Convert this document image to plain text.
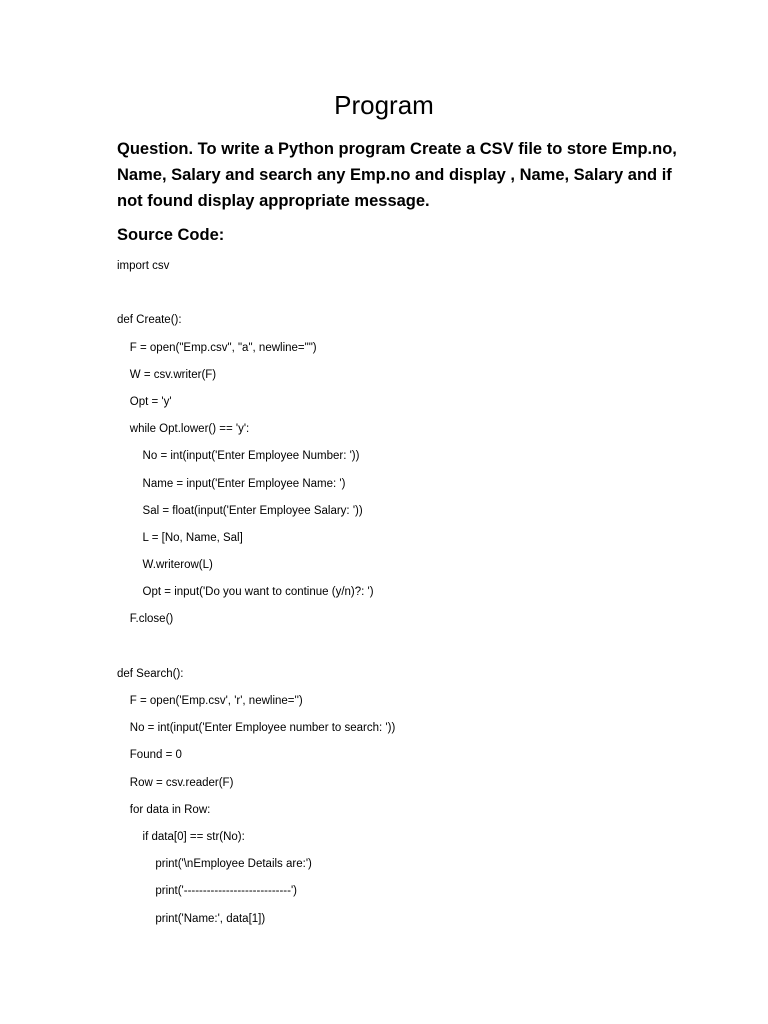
Program
Question. To write a Python program Create a CSV file to store Emp.no, Name, Salary and search any Emp.no and display , Name, Salary and if not found display appropriate message.
Source Code:
import csv
def Create():
F = open("Emp.csv", "a", newline="")
W = csv.writer(F)
Opt = 'y'
while Opt.lower() == 'y':
No = int(input('Enter Employee Number: '))
Name = input('Enter Employee Name: ')
Sal = float(input('Enter Employee Salary: '))
L = [No, Name, Sal]
W.writerow(L)
Opt = input('Do you want to continue (y/n)?: ')
F.close()
def Search():
F = open('Emp.csv', 'r', newline='')
No = int(input('Enter Employee number to search: '))
Found = 0
Row = csv.reader(F)
for data in Row:
if data[0] == str(No):
print('\nEmployee Details are:')
print('----------------------------')
print('Name:', data[1])
